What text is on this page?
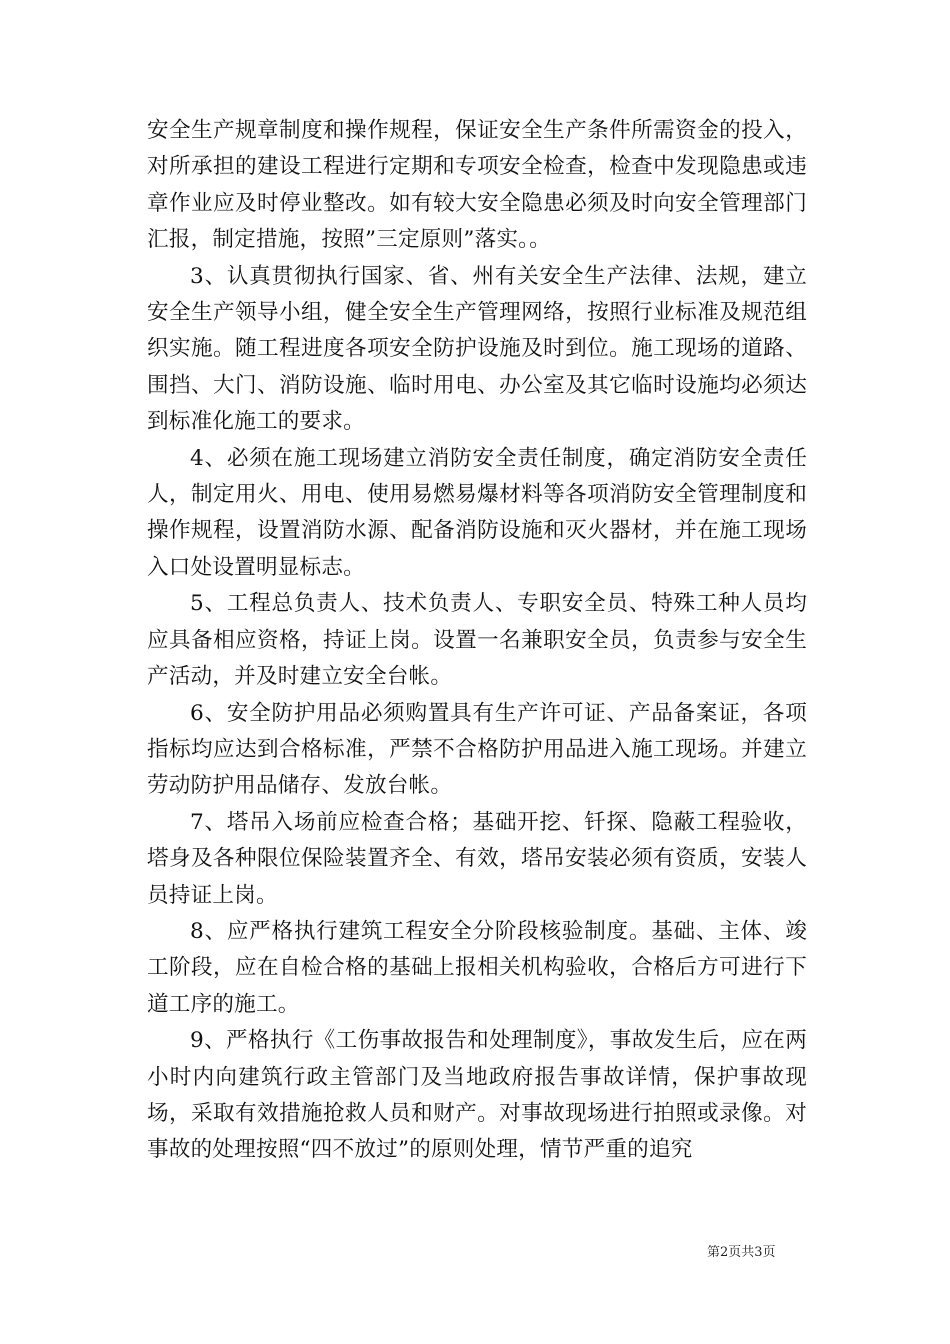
安全生产规章制度和操作规程，保证安全生产条件所需资金的投入，对所承担的建设工程进行定期和专项安全检查，检查中发现隐患或违章作业应及时停业整改。如有较大安全隐患必须及时向安全管理部门汇报，制定措施，按照”三定原则”落实。。

3、认真贯彻执行国家、省、州有关安全生产法律、法规，建立安全生产领导小组，健全安全生产管理网络，按照行业标准及规范组织实施。随工程进度各项安全防护设施及时到位。施工现场的道路、围挡、大门、消防设施、临时用电、办公室及其它临时设施均必须达到标准化施工的要求。

4、必须在施工现场建立消防安全责任制度，确定消防安全责任人，制定用火、用电、使用易燃易爆材料等各项消防安全管理制度和操作规程，设置消防水源、配备消防设施和灭火器材，并在施工现场入口处设置明显标志。

5、工程总负责人、技术负责人、专职安全员、特殊工种人员均应具备相应资格，持证上岗。设置一名兼职安全员，负责参与安全生产活动，并及时建立安全台帐。

6、安全防护用品必须购置具有生产许可证、产品备案证，各项指标均应达到合格标准，严禁不合格防护用品进入施工现场。并建立劳动防护用品储存、发放台帐。

7、塔吊入场前应检查合格；基础开挖、钎探、隐蔽工程验收，塔身及各种限位保险装置齐全、有效，塔吊安装必须有资质，安装人员持证上岗。

8、应严格执行建筑工程安全分阶段核验制度。基础、主体、竣工阶段，应在自检合格的基础上报相关机构验收，合格后方可进行下道工序的施工。

9、严格执行《工伤事故报告和处理制度》，事故发生后，应在两小时内向建筑行政主管部门及当地政府报告事故详情，保护事故现场，采取有效措施抢救人员和财产。对事故现场进行拍照或录像。对事故的处理按照“四不放过”的原则处理，情节严重的追究

第2页共3页
